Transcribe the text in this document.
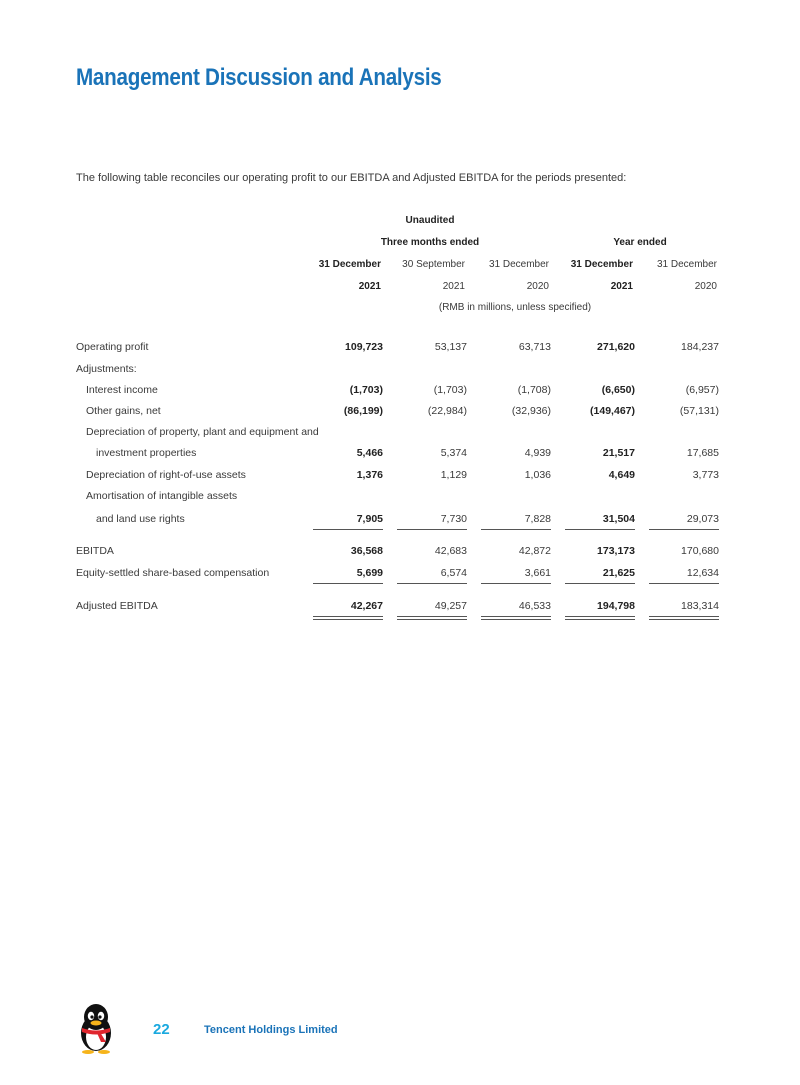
Management Discussion and Analysis
The following table reconciles our operating profit to our EBITDA and Adjusted EBITDA for the periods presented:
Unaudited
Three months ended	Year ended
31 December	30 September	31 December	31 December	31 December
2021	2021	2020	2021	2020
(RMB in millions, unless specified)
Operating profit	109,723	53,137	63,713	271,620	184,237
Adjustments:
Interest income	(1,703)	(1,703)	(1,708)	(6,650)	(6,957)
Other gains, net	(86,199)	(22,984)	(32,936)	(149,467)	(57,131)
Depreciation of property, plant and equipment and
investment properties	5,466	5,374	4,939	21,517	17,685
Depreciation of right-of-use assets	1,376	1,129	1,036	4,649	3,773
Amortisation of intangible assets
and land use rights	7,905	7,730	7,828	31,504	29,073
EBITDA	36,568	42,683	42,872	173,173	170,680
Equity-settled share-based compensation	5,699	6,574	3,661	21,625	12,634
Adjusted EBITDA	42,267	49,257	46,533	194,798	183,314
22	Tencent Holdings Limited
